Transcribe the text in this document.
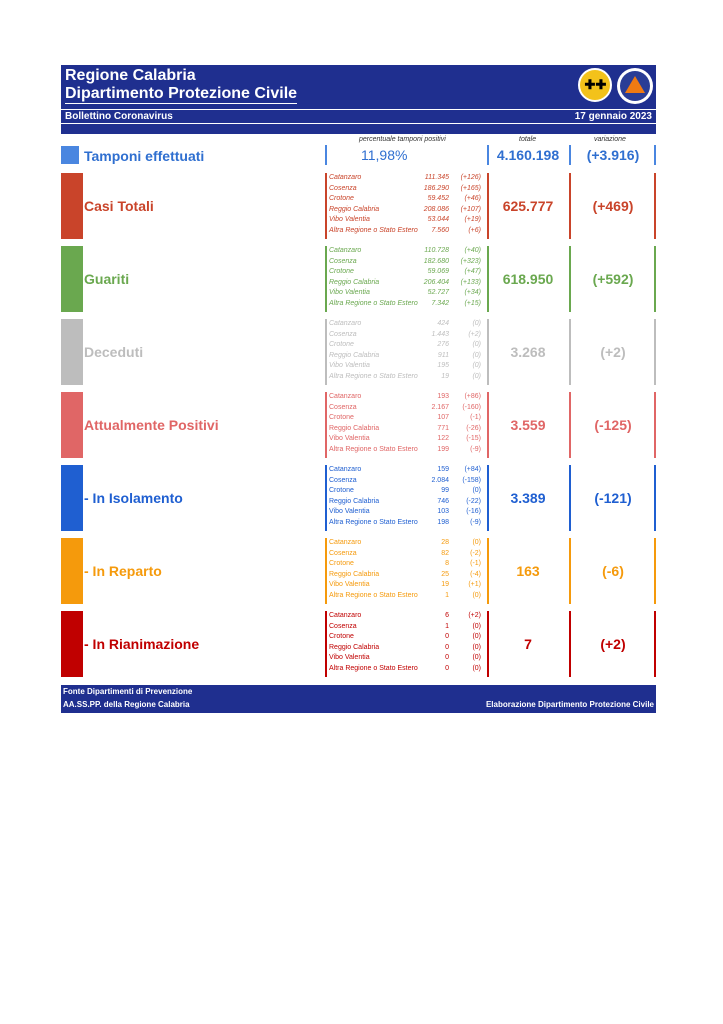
Regione Calabria
Dipartimento Protezione Civile
✚ ✚
Bollettino Coronavirus	17 gennaio 2023
percentuale tamponi positivi	totale	variazione
Tamponi effettuati	11,98%	4.160.198	(+3.916)
Casi Totali
Catanzaro	111.345 (+126)
Cosenza	186.290 (+165)
Crotone	59.452 (+46)
Reggio Calabria	208.086 (+107)
Vibo Valentia	53.044 (+19)
Altra Regione o Stato Estero 7.560	(+6)
625.777	(+469)
Guariti
Catanzaro	110.728 (+40)
Cosenza	182.680 (+323)
Crotone	59.069 (+47)
Reggio Calabria	206.404 (+133)
Vibo Valentia	52.727 (+34)
Altra Regione o Stato Estero 7.342 (+15)
618.950	(+592)
Deceduti
Catanzaro	424	(0)
Cosenza	1.443	(+2)
Crotone	276	(0)
Reggio Calabria	911	(0)
Vibo Valentia	195	(0)
Altra Regione o Stato Estero	19	(0)
3.268	(+2)
Attualmente Positivi
Catanzaro	193 (+86)
Cosenza	2.167 (-160)
Crotone	107	(-1)
Reggio Calabria	771 (-26)
Vibo Valentia	122 (-15)
Altra Regione o Stato Estero	199	(-9)
3.559	(-125)
- In Isolamento
Catanzaro	159 (+84)
Cosenza	2.084 (-158)
Crotone	99	(0)
Reggio Calabria	746 (-22)
Vibo Valentia	103 (-16)
Altra Regione o Stato Estero	198	(-9)
3.389	(-121)
- In Reparto
Catanzaro	28	(0)
Cosenza	82	(-2)
Crotone	8	(-1)
Reggio Calabria	25	(-4)
Vibo Valentia	19	(+1)
Altra Regione o Stato Estero	1	(0)
163	(-6)
- In Rianimazione
Catanzaro	6	(+2)
Cosenza	1	(0)
Crotone	0	(0)
Reggio Calabria	0	(0)
Vibo Valentia	0	(0)
Altra Regione o Stato Estero	0	(0)
7	(+2)
Fonte Dipartimenti di Prevenzione
AA.SS.PP. della Regione Calabria	Elaborazione Dipartimento Protezione Civile
